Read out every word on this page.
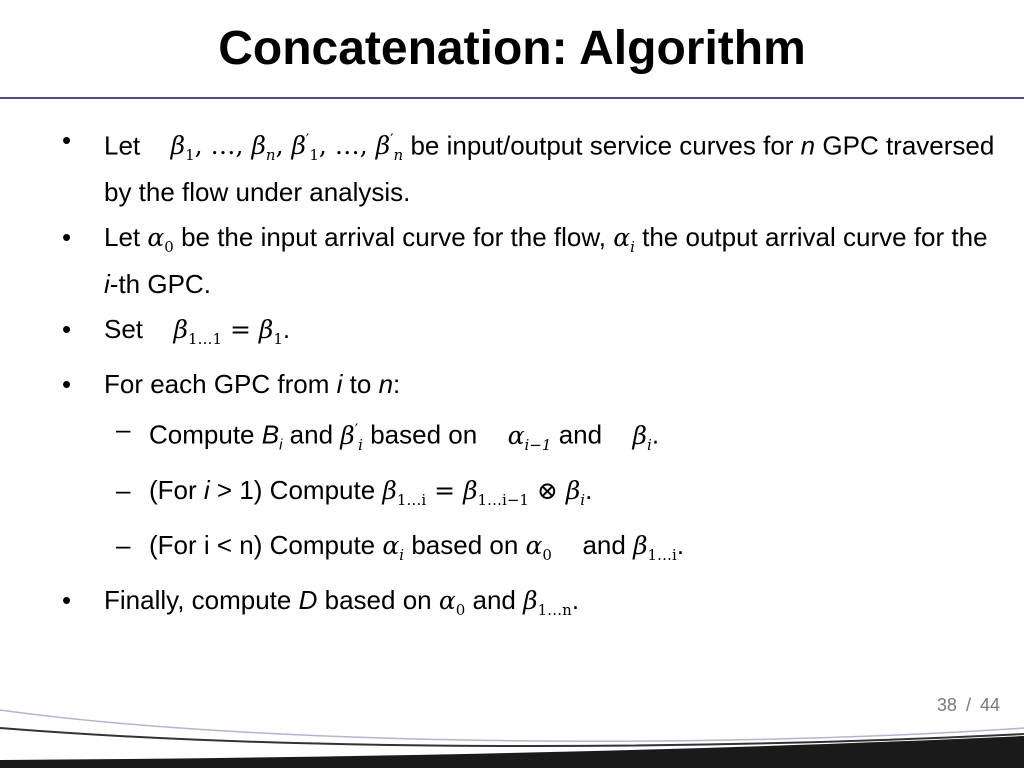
Concatenation: Algorithm
• Let $\beta_1$, …, $\beta_n$, $\beta'_1$, …, $\beta'_n$ be input/output service curves for n GPC traversed by the flow under analysis.
• Let $\alpha_0$ be the input arrival curve for the flow, $\alpha_i$ the output arrival curve for the i-th GPC.
• Set $\beta_{1\dots 1} = \beta_1$.
• For each GPC from i to n:
– Compute $B_i$ and $\beta'_i$ based on $\alpha_{i-1}$ and $\beta_i$.
– (For i > 1) Compute $\beta_{1\dots i} = \beta_{1\dots i-1}$ ⊗ $\beta_i$.
– (For i < n) Compute $\alpha_i$ based on $\alpha_0$ and $\beta_{1\dots i}$.
• Finally, compute D based on $\alpha_0$ and $\beta_{1\dots n}$.
38 / 44
